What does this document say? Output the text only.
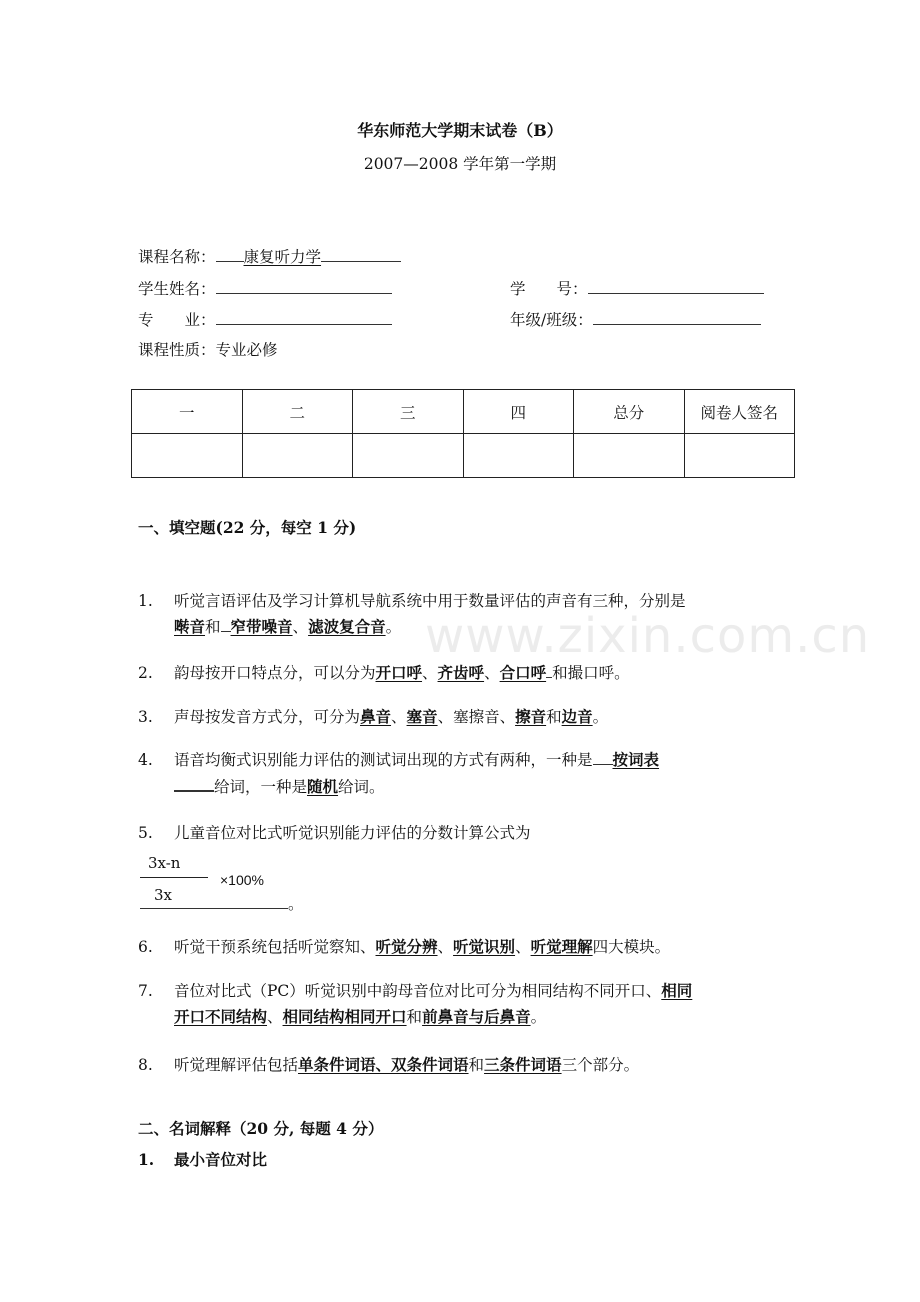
www.zixin.com.cn
华东师范大学期末试卷（B）
2007—2008 学年第一学期
课程名称： 康复听力学
学生姓名：	学　　号：
专　　业：	年级/班级：
课程性质：专业必修
一	二	三	四	总分	阅卷人签名

一、填空题(22 分，每空 1 分)
1. 听觉言语评估及学习计算机导航系统中用于数量评估的声音有三种，分别是
啭音和 窄带噪音、滤波复合音。
2. 韵母按开口特点分，可以分为开口呼、齐齿呼、合口呼 和撮口呼。
3. 声母按发音方式分，可分为鼻音、塞音、塞擦音、擦音和边音。
4. 语音均衡式识别能力评估的测试词出现的方式有两种，一种是 按词表
给词，一种是随机给词。
5. 儿童音位对比式听觉识别能力评估的分数计算公式为
3x-n
3x
×100%
。
6. 听觉干预系统包括听觉察知、听觉分辨、听觉识别、听觉理解四大模块。
7. 音位对比式（PC）听觉识别中韵母音位对比可分为相同结构不同开口、相同
开口不同结构、相同结构相同开口和前鼻音与后鼻音。
8. 听觉理解评估包括单条件词语、双条件词语和三条件词语三个部分。
二、名词解释（20 分, 每题 4 分）
1. 最小音位对比
